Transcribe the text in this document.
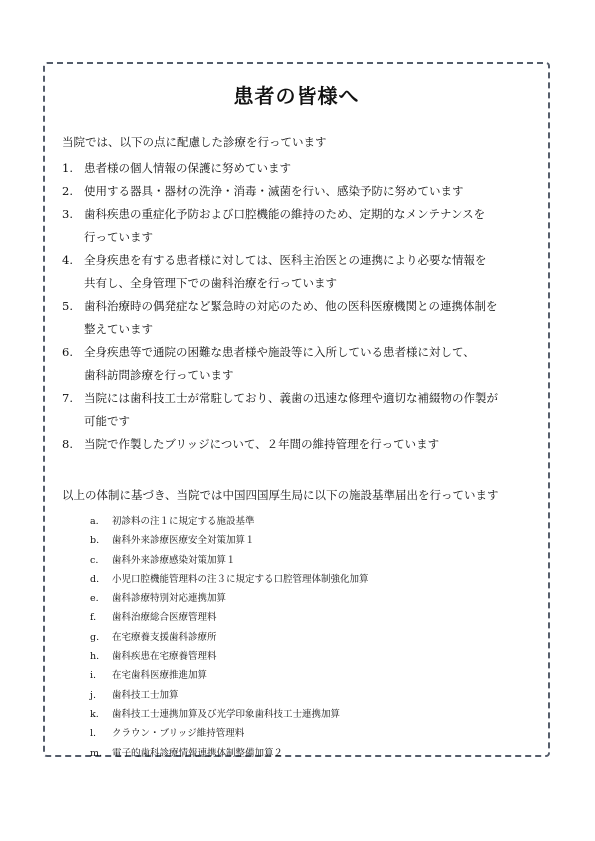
患者の皆様へ

当院では、以下の点に配慮した診療を行っています

1. 患者様の個人情報の保護に努めています
2. 使用する器具・器材の洗浄・消毒・滅菌を行い、感染予防に努めています
3. 歯科疾患の重症化予防および口腔機能の維持のため、定期的なメンテナンスを
行っています
4. 全身疾患を有する患者様に対しては、医科主治医との連携により必要な情報を
共有し、全身管理下での歯科治療を行っています
5. 歯科治療時の偶発症など緊急時の対応のため、他の医科医療機関との連携体制を
整えています
6. 全身疾患等で通院の困難な患者様や施設等に入所している患者様に対して、
歯科訪問診療を行っています
7. 当院には歯科技工士が常駐しており、義歯の迅速な修理や適切な補綴物の作製が
可能です
8. 当院で作製したブリッジについて、２年間の維持管理を行っています

以上の体制に基づき、当院では中国四国厚生局に以下の施設基準届出を行っています

a. 初診料の注１に規定する施設基準
b. 歯科外来診療医療安全対策加算１
c. 歯科外来診療感染対策加算１
d. 小児口腔機能管理料の注３に規定する口腔管理体制強化加算
e. 歯科診療特別対応連携加算
f. 歯科治療総合医療管理料
g. 在宅療養支援歯科診療所
h. 歯科疾患在宅療養管理料
i. 在宅歯科医療推進加算
j. 歯科技工士加算
k. 歯科技工士連携加算及び光学印象歯科技工士連携加算
l. クラウン・ブリッジ維持管理料
m. 電子的歯科診療情報連携体制整備加算２
